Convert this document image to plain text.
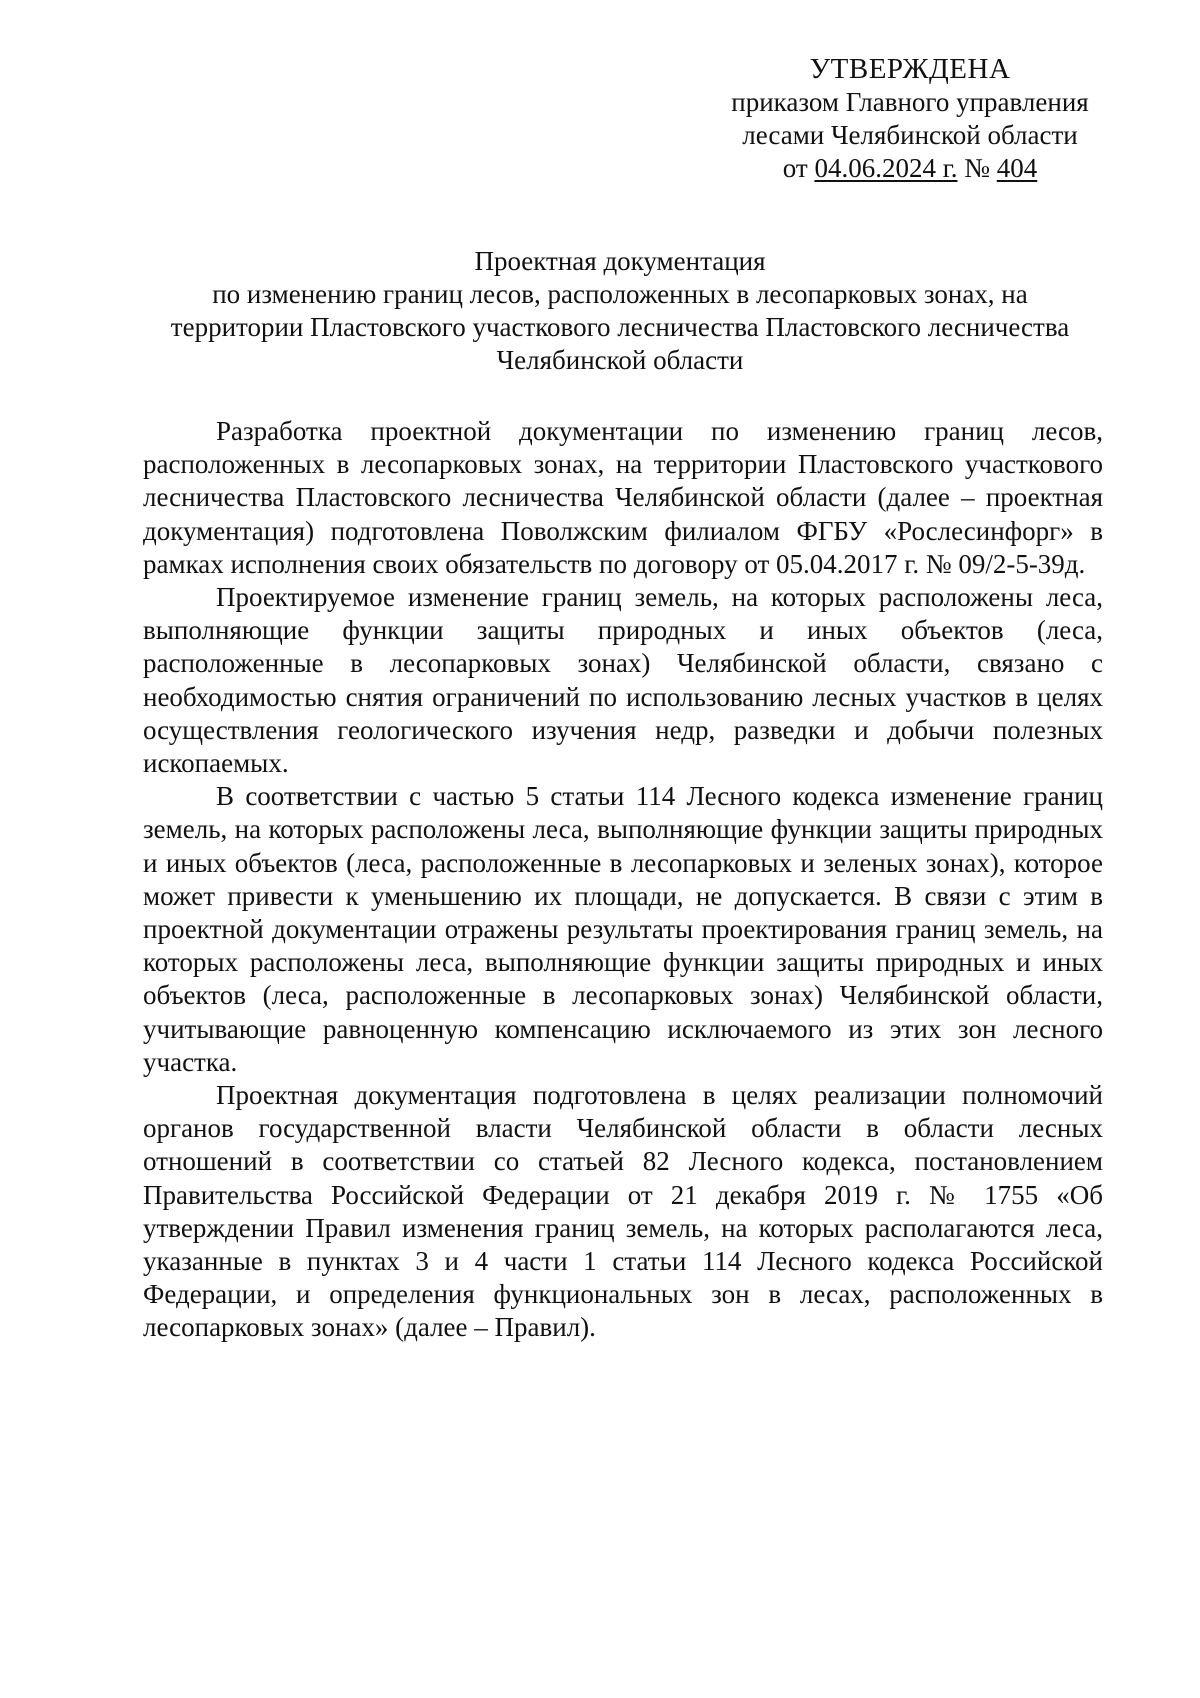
УТВЕРЖДЕНА
приказом Главного управления
лесами Челябинской области
от 04.06.2024 г. № 404
Проектная документация
по изменению границ лесов, расположенных в лесопарковых зонах, на
территории Пластовского участкового лесничества Пластовского лесничества
Челябинской области

Разработка проектной документации по изменению границ лесов, расположенных в лесопарковых зонах, на территории Пластовского участкового лесничества Пластовского лесничества Челябинской области (далее – проектная документация) подготовлена Поволжским филиалом ФГБУ «Рослесинфорг» в рамках исполнения своих обязательств по договору от 05.04.2017 г. № 09/2-5-39д.

Проектируемое изменение границ земель, на которых расположены леса, выполняющие функции защиты природных и иных объектов (леса, расположенные в лесопарковых зонах) Челябинской области, связано с необходимостью снятия ограничений по использованию лесных участков в целях осуществления геологического изучения недр, разведки и добычи полезных ископаемых.

В соответствии с частью 5 статьи 114 Лесного кодекса изменение границ земель, на которых расположены леса, выполняющие функции защиты природных и иных объектов (леса, расположенные в лесопарковых и зеленых зонах), которое может привести к уменьшению их площади, не допускается. В связи с этим в проектной документации отражены результаты проектирования границ земель, на которых расположены леса, выполняющие функции защиты природных и иных объектов (леса, расположенные в лесопарковых зонах) Челябинской области, учитывающие равноценную компенсацию исключаемого из этих зон лесного участка.

Проектная документация подготовлена в целях реализации полномочий органов государственной власти Челябинской области в области лесных отношений в соответствии со статьей 82 Лесного кодекса, постановлением Правительства Российской Федерации от 21 декабря 2019 г. № 1755 «Об утверждении Правил изменения границ земель, на которых располагаются леса, указанные в пунктах 3 и 4 части 1 статьи 114 Лесного кодекса Российской Федерации, и определения функциональных зон в лесах, расположенных в лесопарковых зонах» (далее – Правил).
